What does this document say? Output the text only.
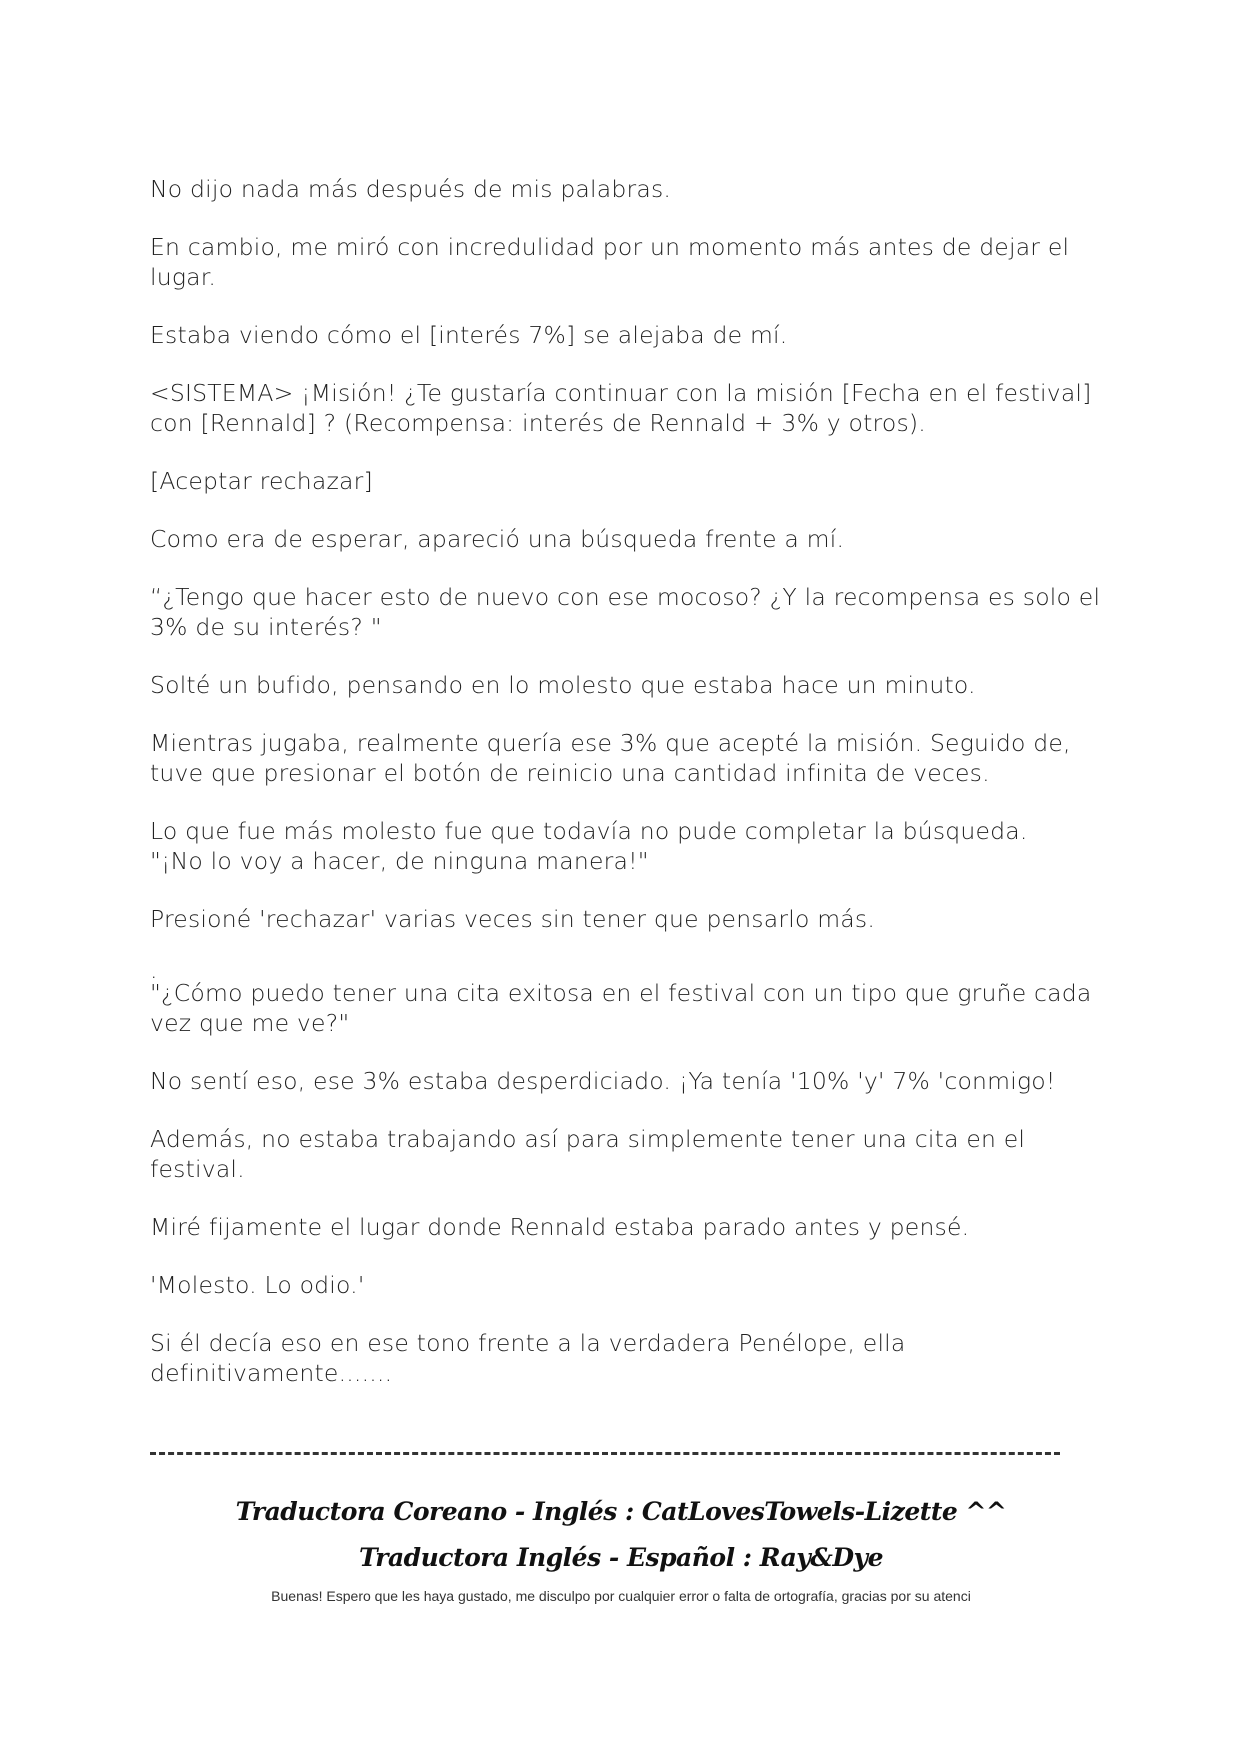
No dijo nada más después de mis palabras.

En cambio, me miró con incredulidad por un momento más antes de dejar el lugar.

Estaba viendo cómo el [interés 7%] se alejaba de mí.

<SISTEMA> ¡Misión! ¿Te gustaría continuar con la misión [Fecha en el festival] con [Rennald] ? (Recompensa: interés de Rennald + 3% y otros).

[Aceptar rechazar]

Como era de esperar, apareció una búsqueda frente a mí.

“¿Tengo que hacer esto de nuevo con ese mocoso? ¿Y la recompensa es solo el 3% de su interés? "

Solté un bufido, pensando en lo molesto que estaba hace un minuto.

Mientras jugaba, realmente quería ese 3% que acepté la misión. Seguido de, tuve que presionar el botón de reinicio una cantidad infinita de veces.

Lo que fue más molesto fue que todavía no pude completar la búsqueda.
"¡No lo voy a hacer, de ninguna manera!"

Presioné 'rechazar' varias veces sin tener que pensarlo más.

.

"¿Cómo puedo tener una cita exitosa en el festival con un tipo que gruñe cada vez que me ve?"

No sentí eso, ese 3% estaba desperdiciado. ¡Ya tenía '10% 'y' 7% 'conmigo!

Además, no estaba trabajando así para simplemente tener una cita en el festival.

Miré fijamente el lugar donde Rennald estaba parado antes y pensé.

'Molesto. Lo odio.'

Si él decía eso en ese tono frente a la verdadera Penélope, ella definitivamente.......

Traductora Coreano - Inglés : CatLovesTowels-Lizette ^^
Traductora Inglés - Español : Ray&Dye
Buenas! Espero que les haya gustado, me disculpo por cualquier error o falta de ortografía, gracias por su atenci
